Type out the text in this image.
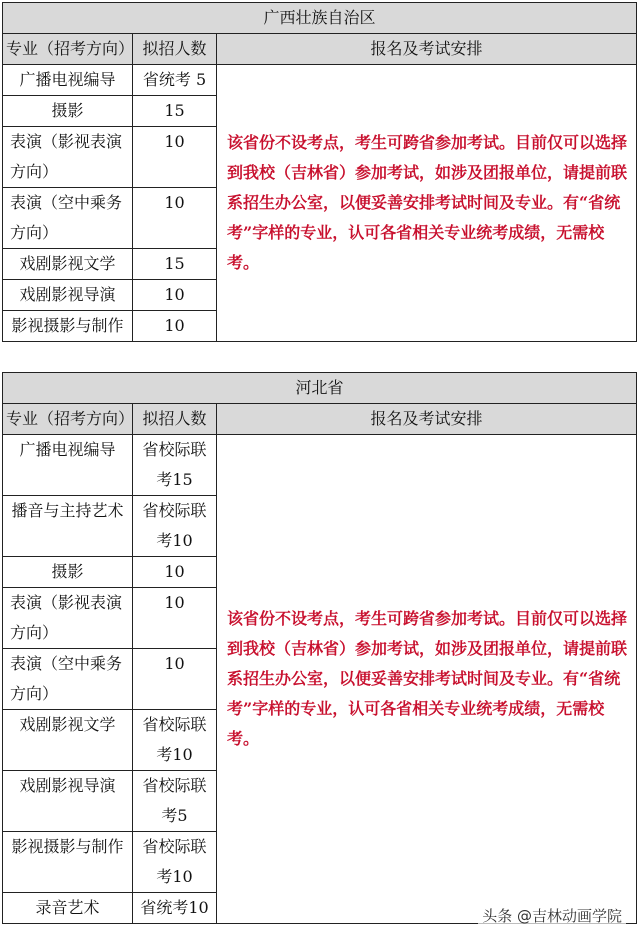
广西壮族自治区		
专业（招考方向）	拟招人数	报名及考试安排
广播电视编导	省统考 5	该省份不设考点，考生可跨省参加考试。目前仅可以选择到我校（吉林省）参加考试，如涉及团报单位，请提前联系招生办公室，以便妥善安排考试时间及专业。有“省统考”字样的专业，认可各省相关专业统考成绩，无需校考。
摄影	15	
表演（影视表演方向）	10	
表演（空中乘务方向）	10	
戏剧影视文学	15	
戏剧影视导演	10	
影视摄影与制作	10	
河北省		
专业（招考方向）	拟招人数	报名及考试安排
广播电视编导	省校际联考15	该省份不设考点，考生可跨省参加考试。目前仅可以选择到我校（吉林省）参加考试，如涉及团报单位，请提前联系招生办公室，以便妥善安排考试时间及专业。有“省统考”字样的专业，认可各省相关专业统考成绩，无需校考。
播音与主持艺术	省校际联考10	
摄影	10	
表演（影视表演方向）	10	
表演（空中乘务方向）	10	
戏剧影视文学	省校际联考10	
戏剧影视导演	省校际联考5	
影视摄影与制作	省校际联考10	
录音艺术	省统考10		头条 @吉林动画学院
